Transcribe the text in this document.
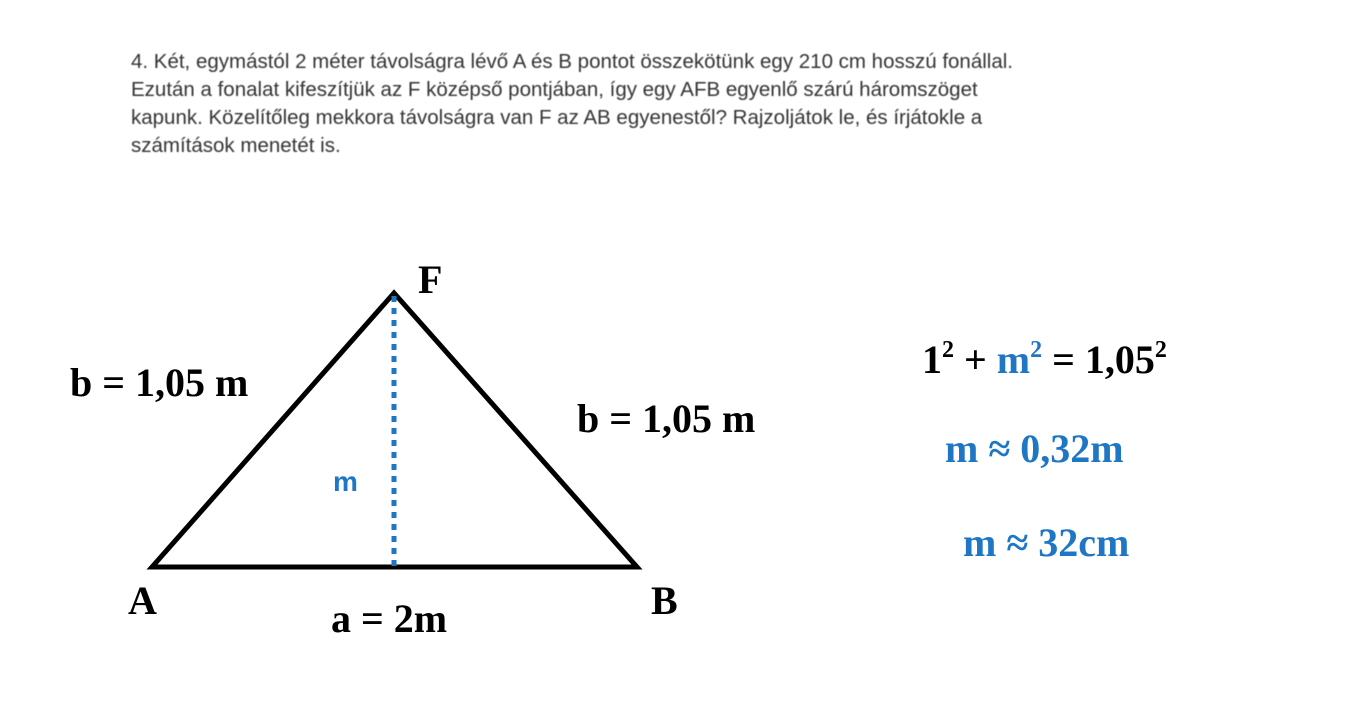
4. Két, egymástól 2 méter távolságra lévő A és B pontot összekötünk egy 210 cm hosszú fonállal.

Ezután a fonalat kifeszítjük az F középső pontjában, így egy AFB egyenlő szárú háromszöget

kapunk. Közelítőleg mekkora távolságra van F az AB egyenestől? Rajzoljátok le, és írjátokle a

számítások menetét is.

F
A	B
b = 1,05 m
b = 1,05 m
a = 2m
m
$1^2 + m^2 = 1,05^2$
m ≈ 0,32m
m ≈ 32cm
